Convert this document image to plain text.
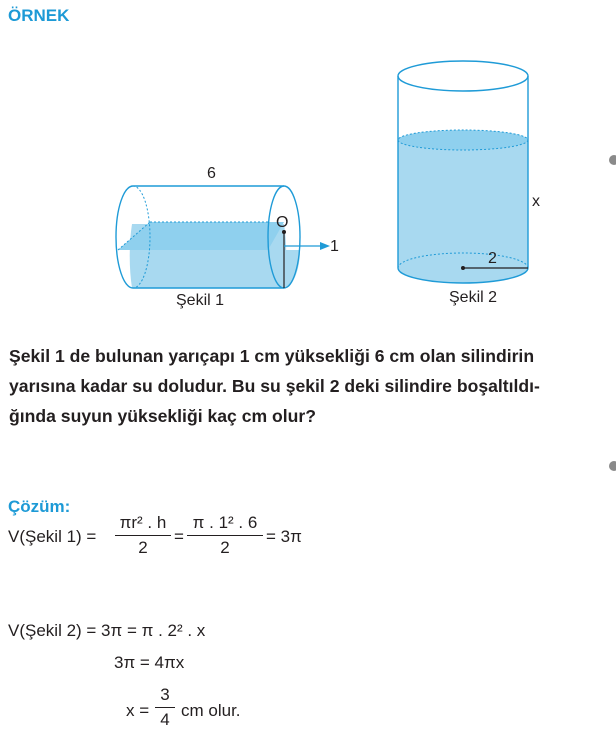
ÖRNEK
6
O
1
Şekil 1
x
2
Şekil 2
Şekil 1 de bulunan yarıçapı 1 cm yüksekliği 6 cm olan silindirin
yarısına kadar su doludur. Bu su şekil 2 deki silindire boşaltıldı-
ğında suyun yüksekliği kaç cm olur?
Çözüm:
V(Şekil 1) =
πr² . h
2
=
π . 1² . 6
2
= 3π
V(Şekil 2) = 3π = π . 2² . x
3π = 4πx
x =
3
4 cm olur.
